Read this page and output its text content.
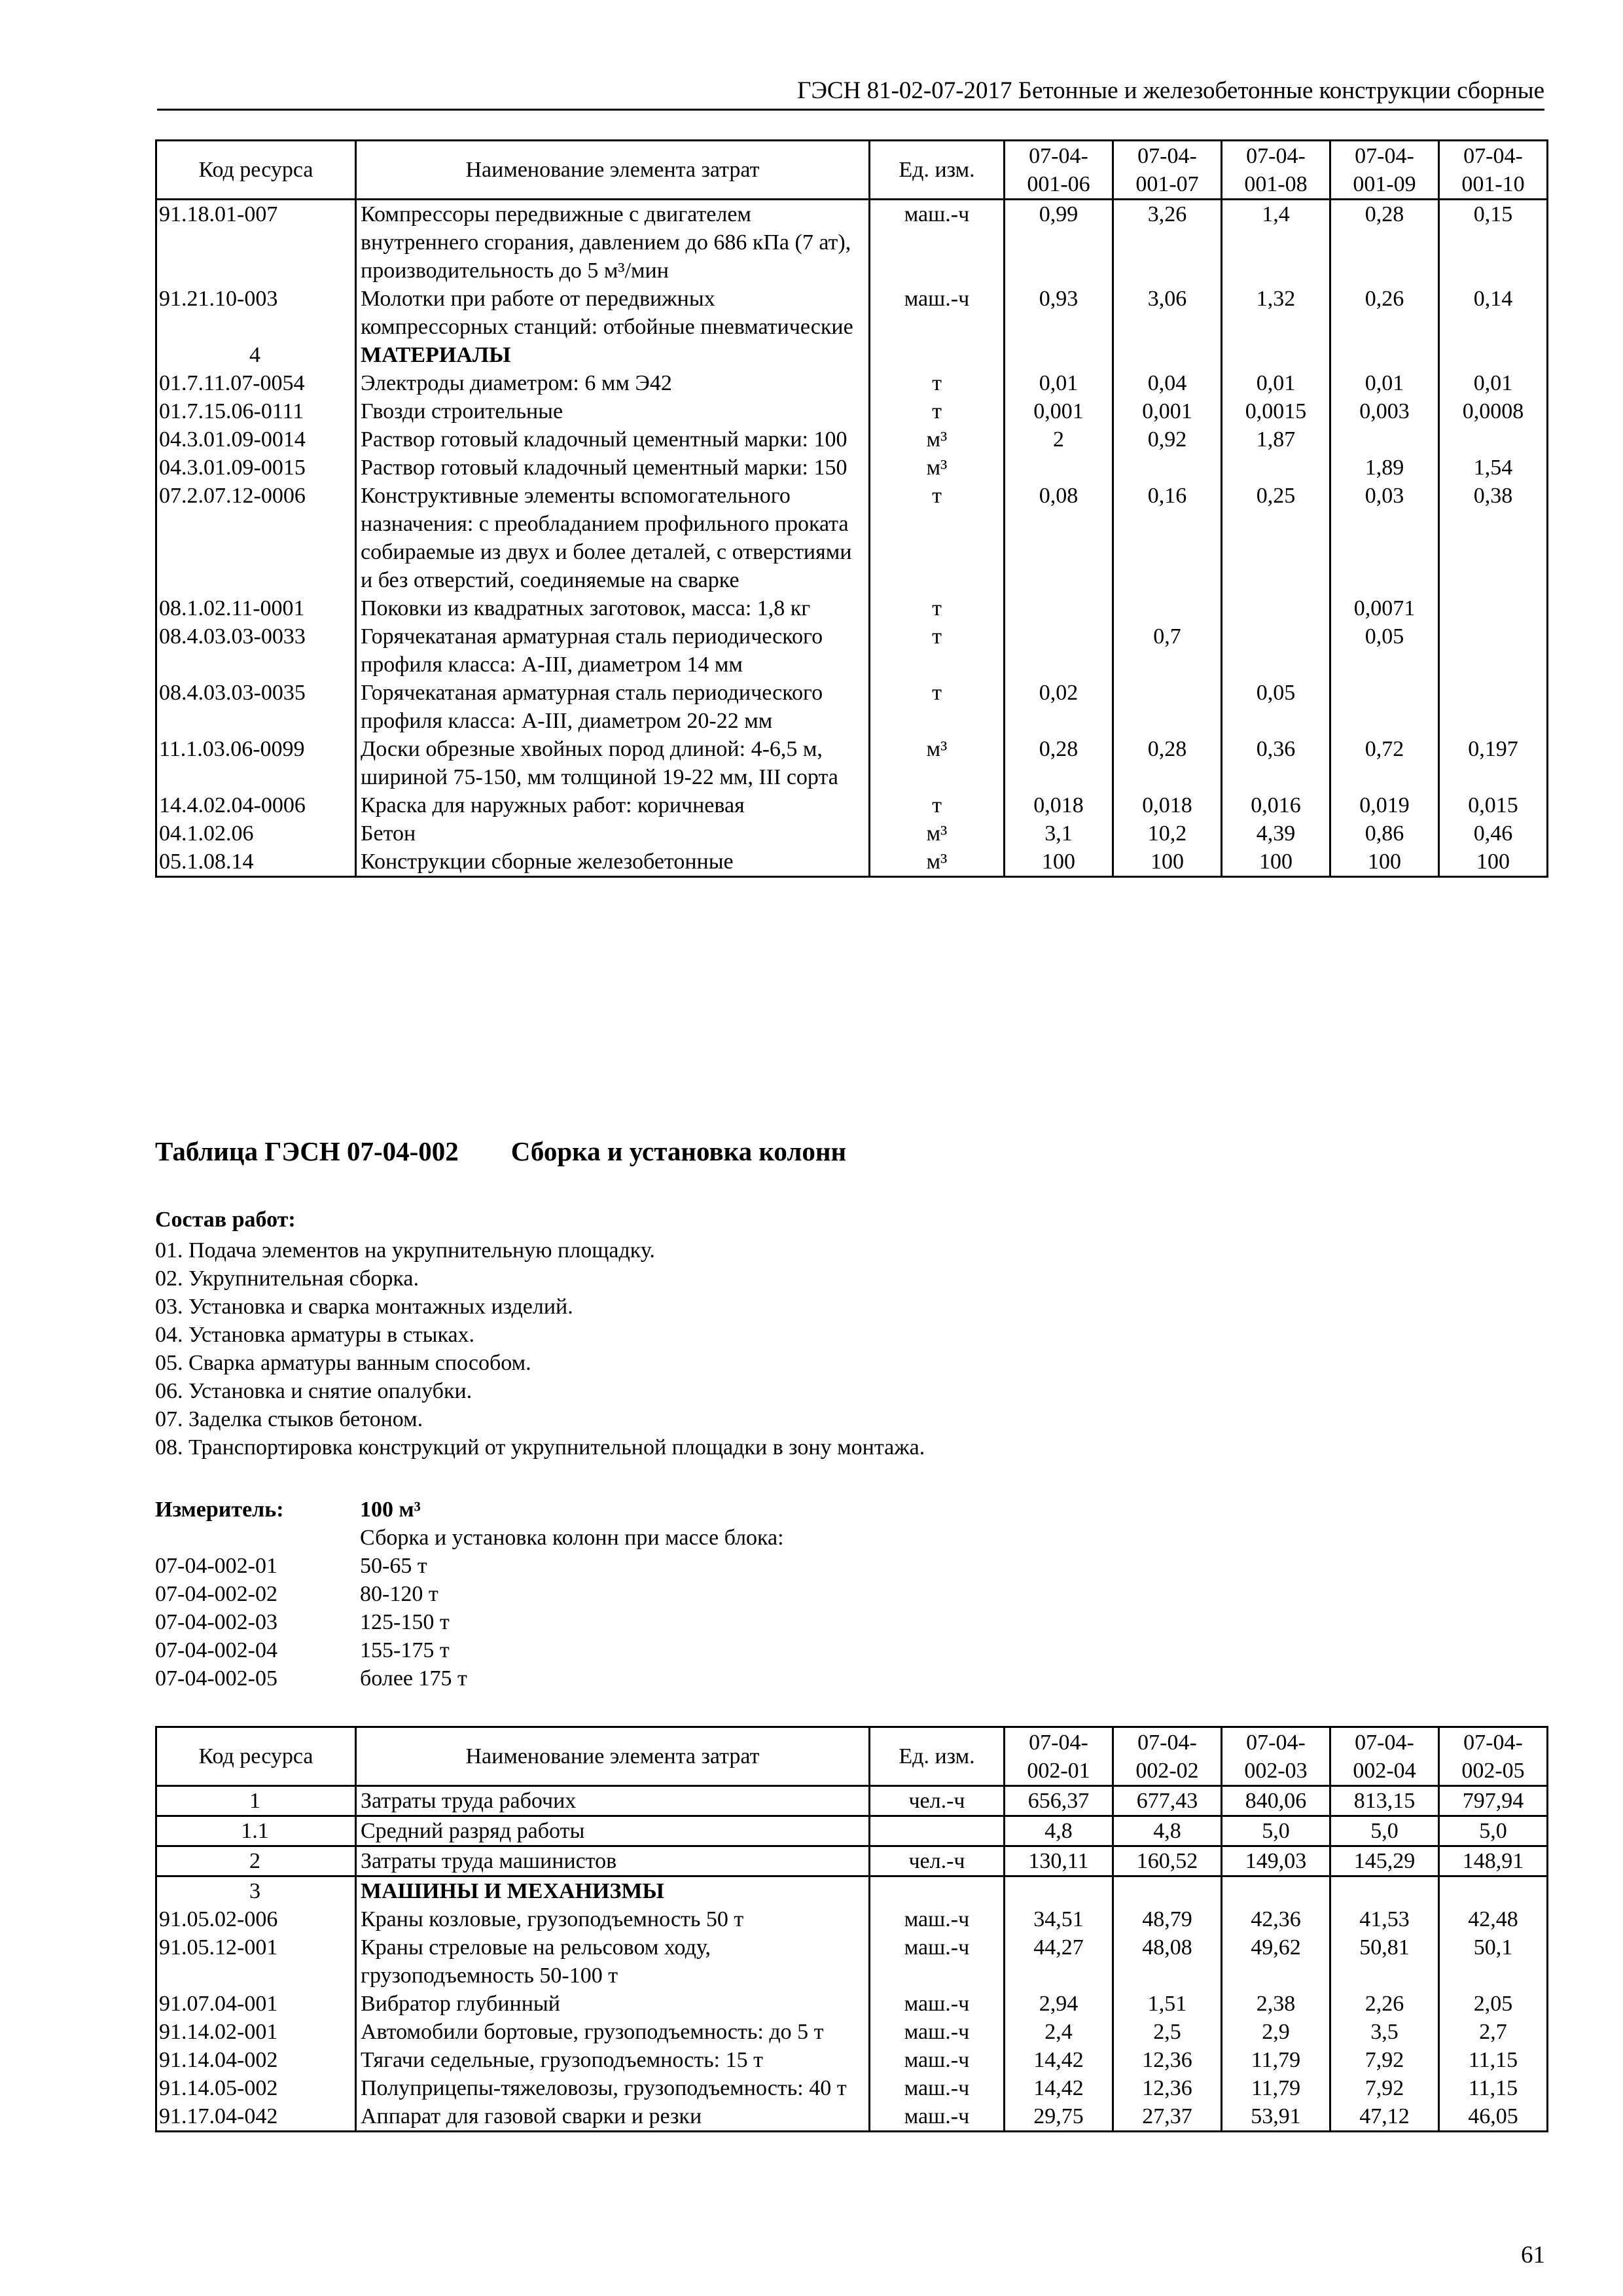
ГЭСН 81-02-07-2017 Бетонные и железобетонные конструкции сборные
Код ресурса	Наименование элемента затрат	Ед. изм.	07-04-001-06	07-04-001-07	07-04-001-08	07-04-001-09	07-04-001-10
91.18.01-007	Компрессоры передвижные с двигателем внутреннего сгорания, давлением до 686 кПа (7 ат), производительность до 5 м³/мин	маш.-ч	0,99	3,26	1,4	0,28	0,15
91.21.10-003	Молотки при работе от передвижных компрессорных станций: отбойные пневматические	маш.-ч	0,93	3,06	1,32	0,26	0,14
4	МАТЕРИАЛЫ						
01.7.11.07-0054	Электроды диаметром: 6 мм Э42	т	0,01	0,04	0,01	0,01	0,01
01.7.15.06-0111	Гвозди строительные	т	0,001	0,001	0,0015	0,003	0,0008
04.3.01.09-0014	Раствор готовый кладочный цементный марки: 100	м³	2	0,92	1,87		
04.3.01.09-0015	Раствор готовый кладочный цементный марки: 150	м³				1,89	1,54
07.2.07.12-0006	Конструктивные элементы вспомогательного назначения: с преобладанием профильного проката собираемые из двух и более деталей, с отверстиями и без отверстий, соединяемые на сварке	т	0,08	0,16	0,25	0,03	0,38
08.1.02.11-0001	Поковки из квадратных заготовок, масса: 1,8 кг	т				0,0071	
08.4.03.03-0033	Горячекатаная арматурная сталь периодического профиля класса: А-III, диаметром 14 мм	т		0,7		0,05	
08.4.03.03-0035	Горячекатаная арматурная сталь периодического профиля класса: А-III, диаметром 20-22 мм	т	0,02		0,05		
11.1.03.06-0099	Доски обрезные хвойных пород длиной: 4-6,5 м, шириной 75-150, мм толщиной 19-22 мм, III сорта	м³	0,28	0,28	0,36	0,72	0,197
14.4.02.04-0006	Краска для наружных работ: коричневая	т	0,018	0,018	0,016	0,019	0,015
04.1.02.06	Бетон	м³	3,1	10,2	4,39	0,86	0,46
05.1.08.14	Конструкции сборные железобетонные	м³	100	100	100	100	100
Таблица ГЭСН 07-04-002 Сборка и установка колонн
Состав работ:
01. Подача элементов на укрупнительную площадку.
02. Укрупнительная сборка.
03. Установка и сварка монтажных изделий.
04. Установка арматуры в стыках.
05. Сварка арматуры ванным способом.
06. Установка и снятие опалубки.
07. Заделка стыков бетоном.
08. Транспортировка конструкций от укрупнительной площадки в зону монтажа.
Измеритель:	100 м³
Сборка и установка колонн при массе блока:
07-04-002-01	50-65 т
07-04-002-02	80-120 т
07-04-002-03	125-150 т
07-04-002-04	155-175 т
07-04-002-05	более 175 т
Код ресурса	Наименование элемента затрат	Ед. изм.	07-04-002-01	07-04-002-02	07-04-002-03	07-04-002-04	07-04-002-05
1	Затраты труда рабочих	чел.-ч	656,37	677,43	840,06	813,15	797,94
1.1	Средний разряд работы		4,8	4,8	5,0	5,0	5,0
2	Затраты труда машинистов	чел.-ч	130,11	160,52	149,03	145,29	148,91
3	МАШИНЫ И МЕХАНИЗМЫ						
91.05.02-006	Краны козловые, грузоподъемность 50 т	маш.-ч	34,51	48,79	42,36	41,53	42,48
91.05.12-001	Краны стреловые на рельсовом ходу, грузоподъемность 50-100 т	маш.-ч	44,27	48,08	49,62	50,81	50,1
91.07.04-001	Вибратор глубинный	маш.-ч	2,94	1,51	2,38	2,26	2,05
91.14.02-001	Автомобили бортовые, грузоподъемность: до 5 т	маш.-ч	2,4	2,5	2,9	3,5	2,7
91.14.04-002	Тягачи седельные, грузоподъемность: 15 т	маш.-ч	14,42	12,36	11,79	7,92	11,15
91.14.05-002	Полуприцепы-тяжеловозы, грузоподъемность: 40 т	маш.-ч	14,42	12,36	11,79	7,92	11,15
91.17.04-042	Аппарат для газовой сварки и резки	маш.-ч	29,75	27,37	53,91	47,12	46,05
61
